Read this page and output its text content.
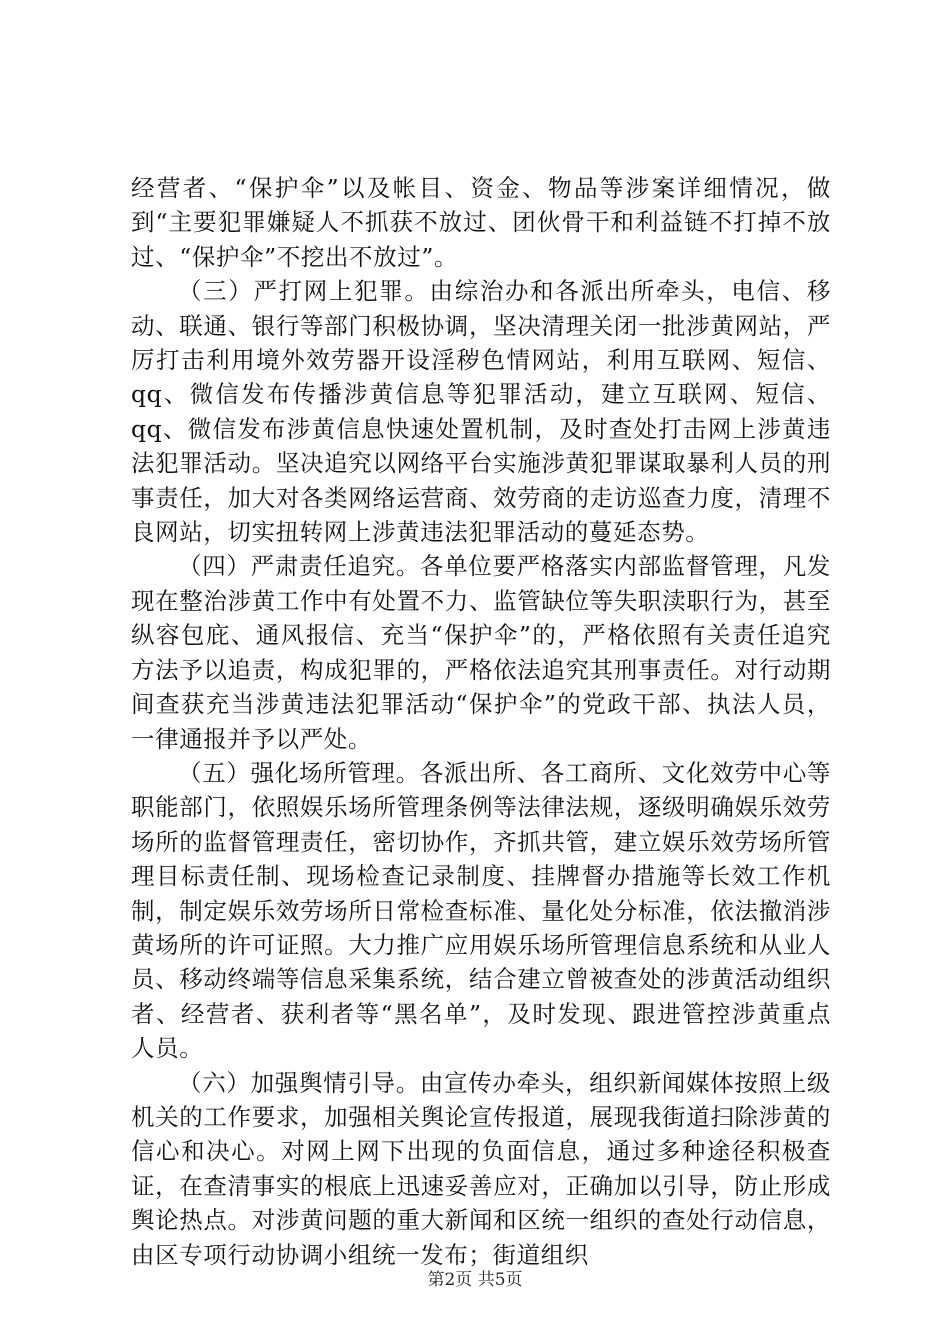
经营者、“保护伞”以及帐目、资金、物品等涉案详细情况，做到“主要犯罪嫌疑人不抓获不放过、团伙骨干和利益链不打掉不放过、“保护伞”不挖出不放过”。

（三）严打网上犯罪。由综治办和各派出所牵头，电信、移动、联通、银行等部门积极协调，坚决清理关闭一批涉黄网站，严厉打击利用境外效劳器开设淫秽色情网站，利用互联网、短信、qq、微信发布传播涉黄信息等犯罪活动，建立互联网、短信、qq、微信发布涉黄信息快速处置机制，及时查处打击网上涉黄违法犯罪活动。坚决追究以网络平台实施涉黄犯罪谋取暴利人员的刑事责任，加大对各类网络运营商、效劳商的走访巡查力度，清理不良网站，切实扭转网上涉黄违法犯罪活动的蔓延态势。

（四）严肃责任追究。各单位要严格落实内部监督管理，凡发现在整治涉黄工作中有处置不力、监管缺位等失职渎职行为，甚至纵容包庇、通风报信、充当“保护伞”的，严格依照有关责任追究方法予以追责，构成犯罪的，严格依法追究其刑事责任。对行动期间查获充当涉黄违法犯罪活动“保护伞”的党政干部、执法人员，一律通报并予以严处。

（五）强化场所管理。各派出所、各工商所、文化效劳中心等职能部门，依照娱乐场所管理条例等法律法规，逐级明确娱乐效劳场所的监督管理责任，密切协作，齐抓共管，建立娱乐效劳场所管理目标责任制、现场检查记录制度、挂牌督办措施等长效工作机制，制定娱乐效劳场所日常检查标准、量化处分标准，依法撤消涉黄场所的许可证照。大力推广应用娱乐场所管理信息系统和从业人员、移动终端等信息采集系统，结合建立曾被查处的涉黄活动组织者、经营者、获利者等“黑名单”，及时发现、跟进管控涉黄重点人员。

（六）加强舆情引导。由宣传办牵头，组织新闻媒体按照上级机关的工作要求，加强相关舆论宣传报道，展现我街道扫除涉黄的信心和决心。对网上网下出现的负面信息，通过多种途径积极查证，在查清事实的根底上迅速妥善应对，正确加以引导，防止形成舆论热点。对涉黄问题的重大新闻和区统一组织的查处行动信息，由区专项行动协调小组统一发布；街道组织

第2页 共5页
